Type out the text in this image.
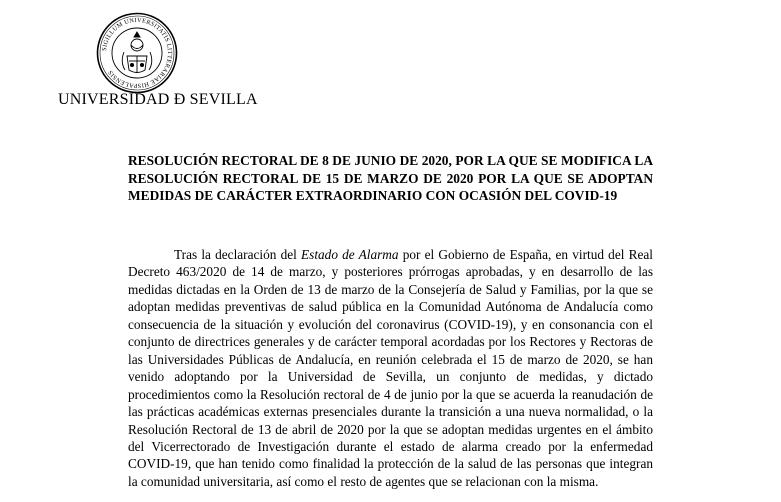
SIGILLUM UNIVERSITATIS LITTERARIAE HISPALENSIS
UNIVERSIDAD Ð SEVILLA
RESOLUCIÓN RECTORAL DE 8 DE JUNIO DE 2020, POR LA QUE SE MODIFICA LA RESOLUCIÓN RECTORAL DE 15 DE MARZO DE 2020 POR LA QUE SE ADOPTAN MEDIDAS DE CARÁCTER EXTRAORDINARIO CON OCASIÓN DEL COVID-19

Tras la declaración del Estado de Alarma por el Gobierno de España, en virtud del Real Decreto 463/2020 de 14 de marzo, y posteriores prórrogas aprobadas, y en desarrollo de las medidas dictadas en la Orden de 13 de marzo de la Consejería de Salud y Familias, por la que se adoptan medidas preventivas de salud pública en la Comunidad Autónoma de Andalucía como consecuencia de la situación y evolución del coronavirus (COVID-19), y en consonancia con el conjunto de directrices generales y de carácter temporal acordadas por los Rectores y Rectoras de las Universidades Públicas de Andalucía, en reunión celebrada el 15 de marzo de 2020, se han venido adoptando por la Universidad de Sevilla, un conjunto de medidas, y dictado procedimientos como la Resolución rectoral de 4 de junio por la que se acuerda la reanudación de las prácticas académicas externas presenciales durante la transición a una nueva normalidad, o la Resolución Rectoral de 13 de abril de 2020 por la que se adoptan medidas urgentes en el ámbito del Vicerrectorado de Investigación durante el estado de alarma creado por la enfermedad COVID-19, que han tenido como finalidad la protección de la salud de las personas que integran la comunidad universitaria, así como el resto de agentes que se relacionan con la misma.
